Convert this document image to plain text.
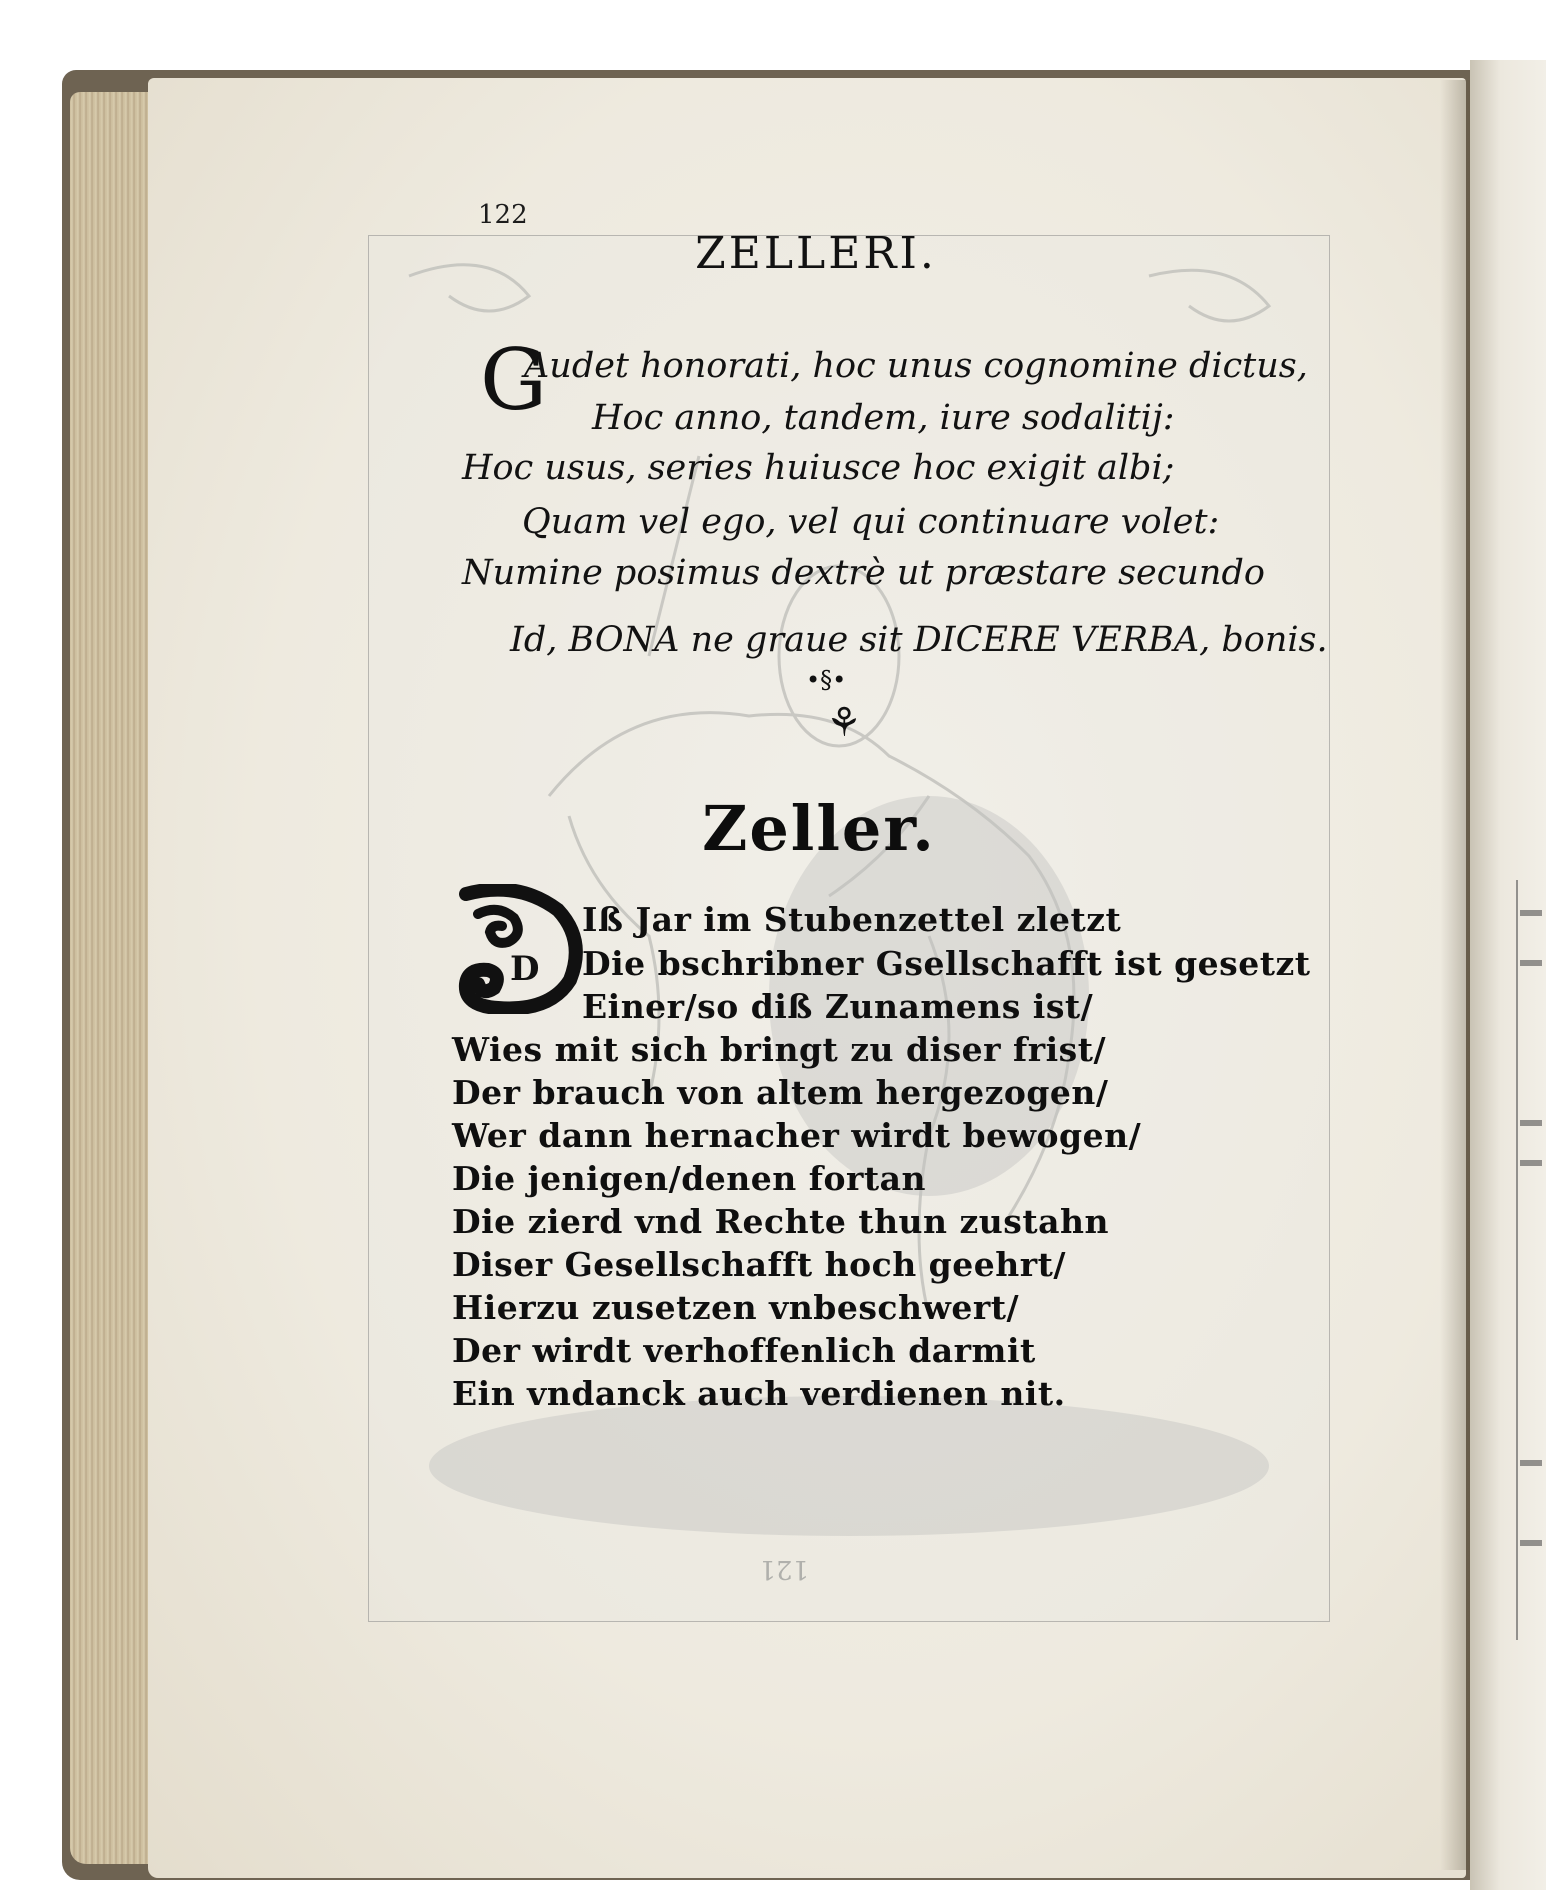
121
122
ZELLERI.
G
Audet honorati, hoc unus cognomine dictus,
Hoc anno, tandem, iure sodalitij:
Hoc usus, series huiusce hoc exigit albi;
Quam vel ego, vel qui continuare volet:
Numine posimus dextrè ut præstare secundo
Id, BONA ne graue sit DICERE VERBA, bonis.
•§•
⚘
Zeller.
D
Iß Jar im Stubenzettel zletzt
Die bschribner Gsellschafft ist gesetzt
Einer/so diß Zunamens ist/
Wies mit sich bringt zu diser frist/
Der brauch von altem hergezogen/
Wer dann hernacher wirdt bewogen/
Die jenigen/denen fortan
Die zierd vnd Rechte thun zustahn
Diser Gesellschafft hoch geehrt/
Hierzu zusetzen vnbeschwert/
Der wirdt verhoffenlich darmit
Ein vndanck auch verdienen nit.
